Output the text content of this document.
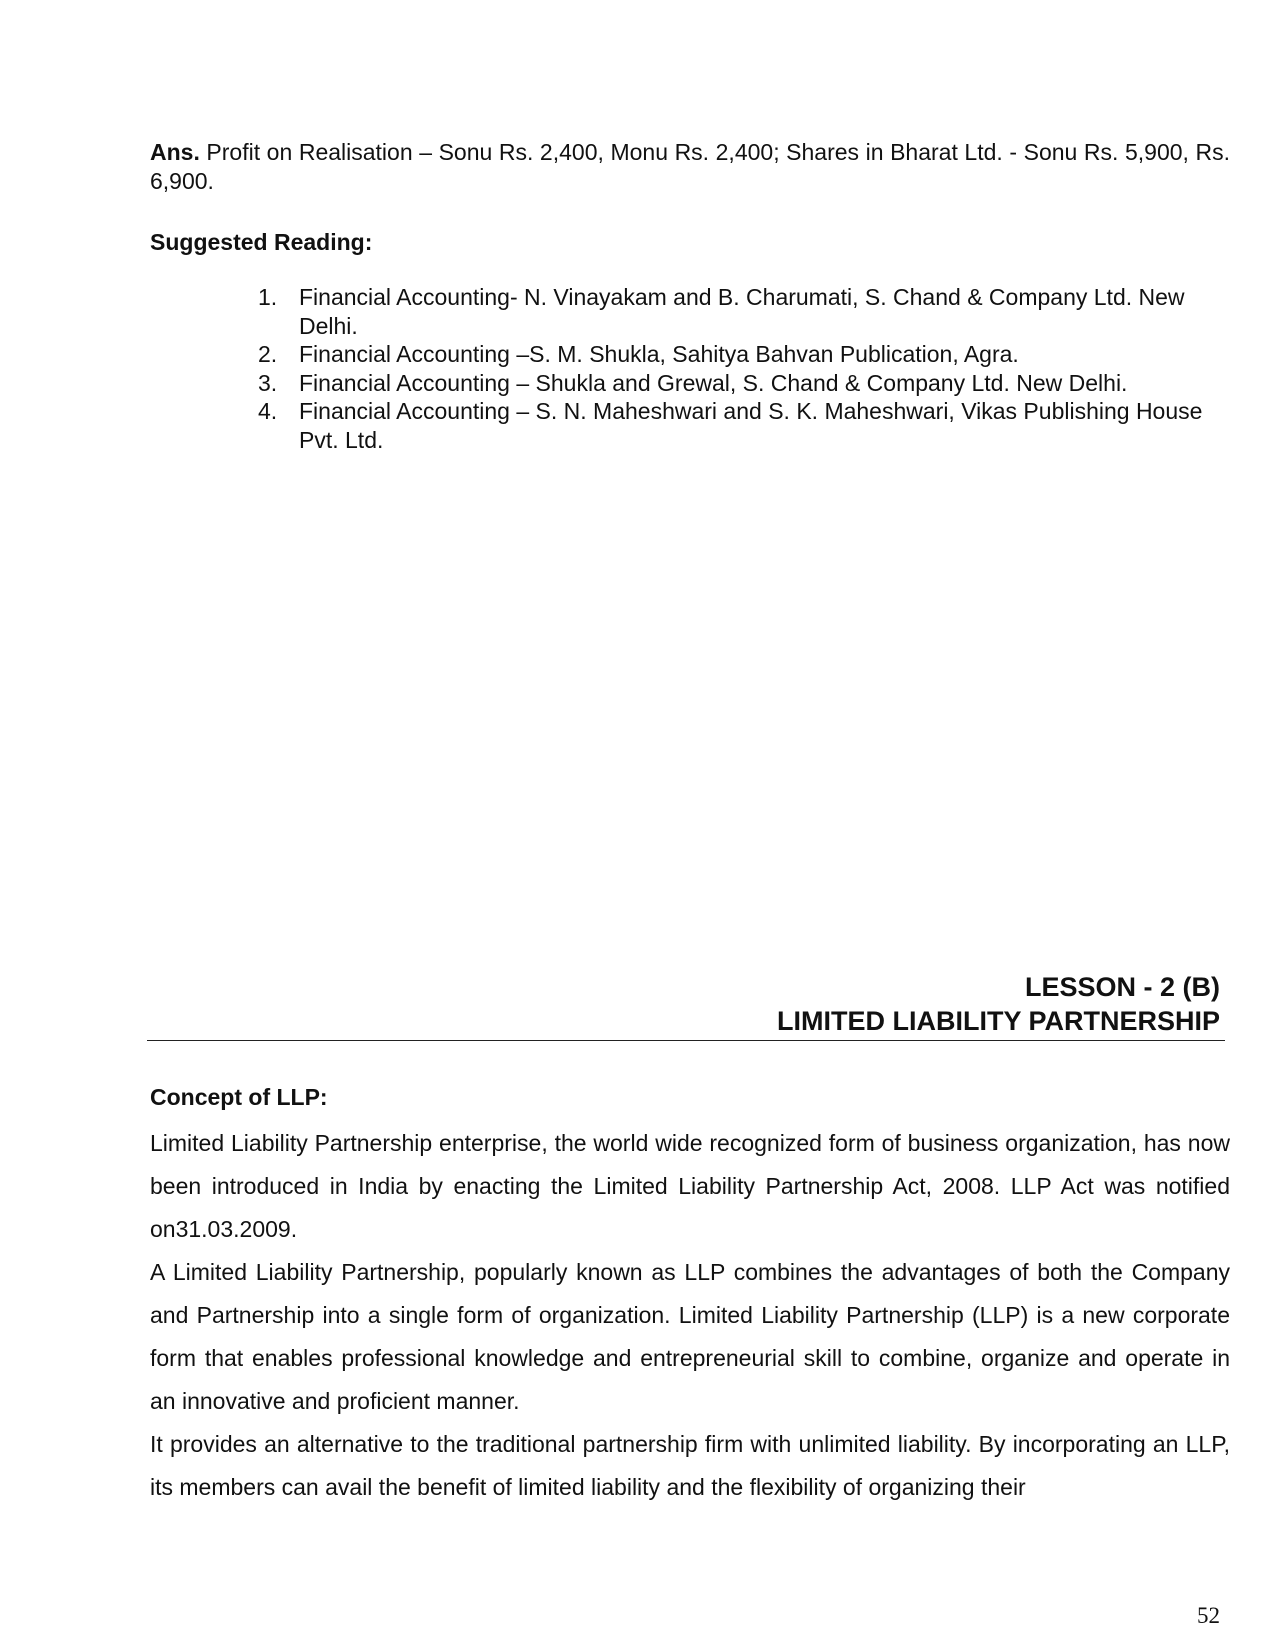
Ans. Profit on Realisation – Sonu Rs. 2,400, Monu Rs. 2,400; Shares in Bharat Ltd. - Sonu Rs. 5,900, Rs. 6,900.
Suggested Reading:
1. Financial Accounting- N. Vinayakam and B. Charumati, S. Chand & Company Ltd. New Delhi.
2. Financial Accounting –S. M. Shukla, Sahitya Bahvan Publication, Agra.
3. Financial Accounting – Shukla and Grewal, S. Chand & Company Ltd. New Delhi.
4. Financial Accounting – S. N. Maheshwari and S. K. Maheshwari, Vikas Publishing House Pvt. Ltd.
LESSON - 2 (B)
LIMITED LIABILITY PARTNERSHIP
Concept of LLP:

Limited Liability Partnership enterprise, the world wide recognized form of business organization, has now been introduced in India by enacting the Limited Liability Partnership Act, 2008. LLP Act was notified on31.03.2009.

A Limited Liability Partnership, popularly known as LLP combines the advantages of both the Company and Partnership into a single form of organization. Limited Liability Partnership (LLP) is a new corporate form that enables professional knowledge and entrepreneurial skill to combine, organize and operate in an innovative and proficient manner.

It provides an alternative to the traditional partnership firm with unlimited liability. By incorporating an LLP, its members can avail the benefit of limited liability and the flexibility of organizing their

52
